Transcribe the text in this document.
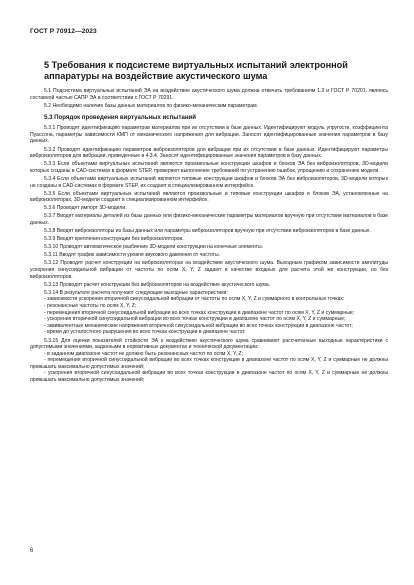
ГОСТ Р 70912—2023
5 Требования к подсистеме виртуальных испытаний электронной
аппаратуры на воздействие акустического шума

5.1 Подсистема виртуальных испытаний ЭА на воздействие акустического шума должна отвечать требованиям 1.3 и ГОСТ Р 70201, являясь составной частью САПР ЭА в соответствии с ГОСТ Р 70291.

5.2 Необходимо наличие базы данных материалов по физико-механическим параметрам.

5.3 Порядок проведения виртуальных испытаний

5.3.1 Проводят идентификацию параметров материалов при их отсутствии в базе данных. Идентифицируют модуль упругости, коэффициента Пуассона, параметры зависимости КМП от механического напряжения для вибрации. Заносят идентифицированные значения параметров в базу данных.

5.3.2 Проводят идентификацию параметров виброизоляторов для вибрации при их отсутствии в базе данных. Идентифицируют параметры виброизоляторов для вибрации, приведенные в 4.3.4. Заносят идентифицированные значения параметров в базу данных.

5.3.3 Если объектами виртуальных испытаний являются произвольные конструкции шкафов и блоков ЭА без виброизоляторов, 3D-модели которых созданы в CAD-системах в формате STEP, проверяют выполнение требований по устранению ошибок, упрощению и сохранению модели.

5.3.4 Если объектами виртуальных испытаний являются типовые конструкции шкафов и блоков ЭА без виброизоляторов, 3D-модели которых не созданы в CAD-системах в формате STEP, их создают в специализированном интерфейсе.

5.3.5 Если объектами виртуальных испытаний являются произвольные и типовые конструкции шкафов и блоков ЭА, установленные на виброизоляторах, 3D-модели создают в специализированном интерфейсе.

5.3.6 Проводят импорт 3D-модели.

5.3.7 Вводят материалы деталей из базы данных или физико-механические параметры материалов вручную при отсутствии материалов в базе данных.

5.3.8 Вводят виброизоляторы из базы данных или параметры виброизоляторов вручную при отсутствии виброизоляторов в базе данных.

5.3.9 Вводят крепления конструкции без виброизоляторов.

5.3.10 Проводят автоматическое разбиение 3D-модели конструкции на конечные элементы.

5.3.11 Вводят график зависимости уровня звукового давления от частоты.

5.3.12 Проводят расчет конструкции на виброизоляторах на воздействие акустического шума. Выходным графиком зависимости амплитуды ускорения синусоидальной вибрации от частоты по осям X, Y, Z задают в качестве входных для расчета этой же конструкции, но без виброизоляторов.

5.3.13 Проводят расчет конструкции без виброизоляторов на воздействие акустического шума.

5.3.14 В результате расчета получают следующие выходные характеристики:

- зависимости ускорения вторичной синусоидальной вибрации от частоты по осям X, Y, Z и суммарного в контрольных точках:

- резонансные частоты по осям X, Y, Z;

- перемещения вторичной синусоидальной вибрации во всех точках конструкции в диапазоне частот по осям X, Y, Z и суммарные;

- ускорения вторичной синусоидальной вибрации во всех точках конструкции в диапазоне частот по осям X, Y, Z и суммарные;

- эквивалентные механические напряжения вторичной синусоидальной вибрации во всех точках конструкции в диапазоне частот;

- время до усталостного разрушения во всех точках конструкции в диапазоне частот.

5.3.15 Для оценки показателей стойкости ЭА к воздействию акустического шума сравнивают рассчитанные выходные характеристики с допустимыми значениями, заданными в нормативных документах и технической документации:

- в заданном диапазоне частот не должно быть резонансных частот по осям X, Y, Z;

- перемещения вторичной синусоидальной вибрации во всех точках конструкции в диапазоне частот по осям X, Y, Z и суммарные не должны превышать максимально допустимых значений;

- ускорения вторичной синусоидальной вибрации во всех точках конструкции в диапазоне частот по осям X, Y, Z и суммарные не должны превышать максимально допустимых значений;

6
